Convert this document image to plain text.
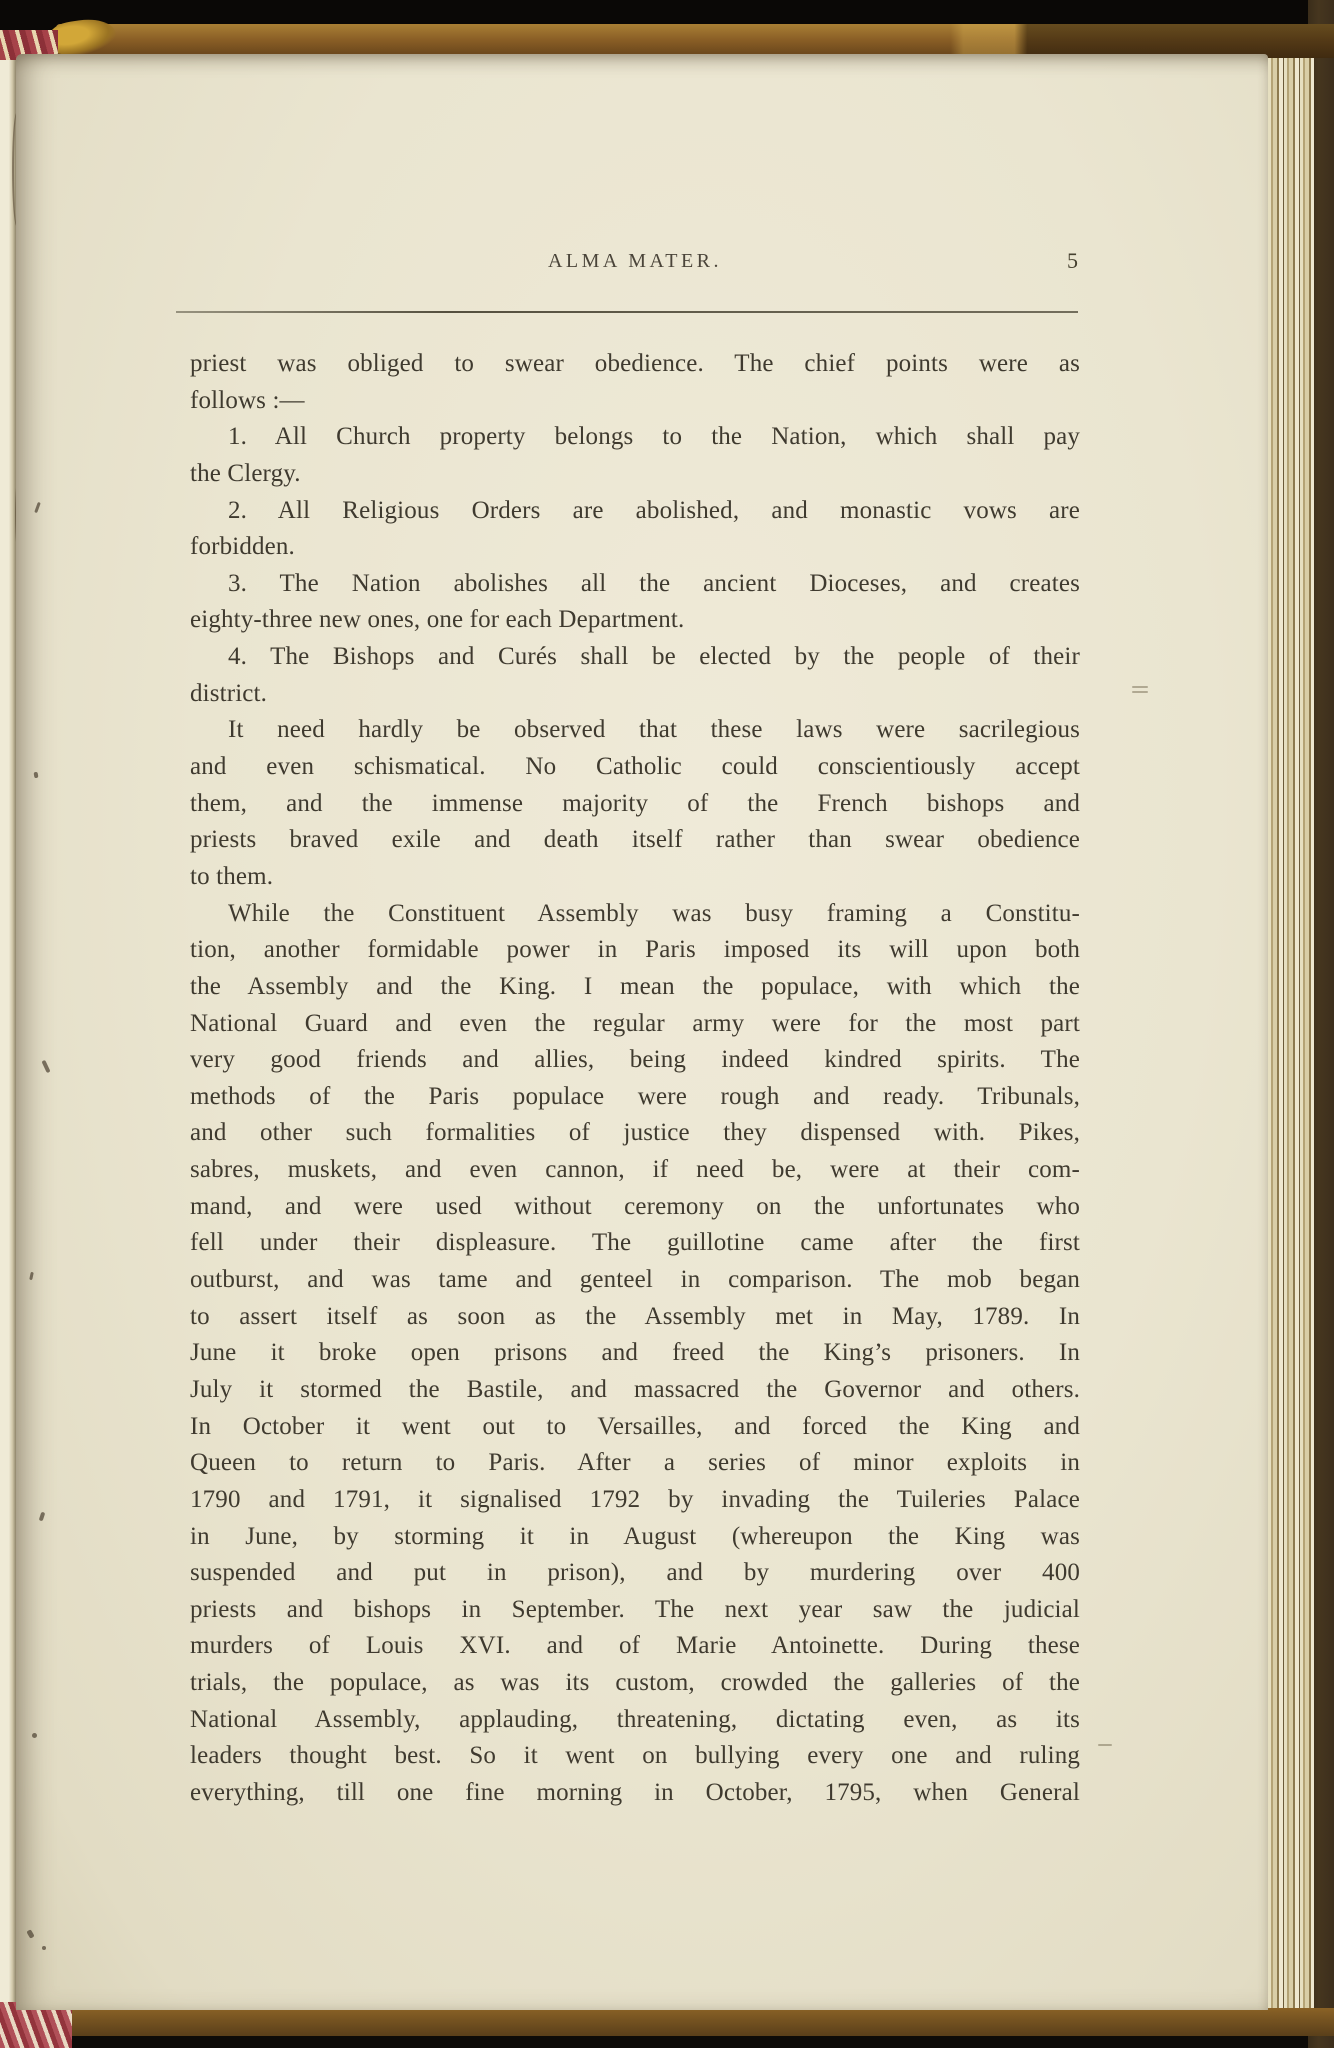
ALMA MATER.	5
priest was obliged to swear obedience. The chief points were as
follows :—
1. All Church property belongs to the Nation, which shall pay
the Clergy.
2. All Religious Orders are abolished, and monastic vows are
forbidden.
3. The Nation abolishes all the ancient Dioceses, and creates
eighty-three new ones, one for each Department.
4. The Bishops and Curés shall be elected by the people of their
district.
It need hardly be observed that these laws were sacrilegious
and even schismatical. No Catholic could conscientiously accept
them, and the immense majority of the French bishops and
priests braved exile and death itself rather than swear obedience
to them.
While the Constituent Assembly was busy framing a Constitu-
tion, another formidable power in Paris imposed its will upon both
the Assembly and the King. I mean the populace, with which the
National Guard and even the regular army were for the most part
very good friends and allies, being indeed kindred spirits. The
methods of the Paris populace were rough and ready. Tribunals,
and other such formalities of justice they dispensed with. Pikes,
sabres, muskets, and even cannon, if need be, were at their com-
mand, and were used without ceremony on the unfortunates who
fell under their displeasure. The guillotine came after the first
outburst, and was tame and genteel in comparison. The mob began
to assert itself as soon as the Assembly met in May, 1789. In
June it broke open prisons and freed the King’s prisoners. In
July it stormed the Bastile, and massacred the Governor and others.
In October it went out to Versailles, and forced the King and
Queen to return to Paris. After a series of minor exploits in
1790 and 1791, it signalised 1792 by invading the Tuileries Palace
in June, by storming it in August (whereupon the King was
suspended and put in prison), and by murdering over 400
priests and bishops in September. The next year saw the judicial
murders of Louis XVI. and of Marie Antoinette. During these
trials, the populace, as was its custom, crowded the galleries of the
National Assembly, applauding, threatening, dictating even, as its
leaders thought best. So it went on bullying every one and ruling
everything, till one fine morning in October, 1795, when General
